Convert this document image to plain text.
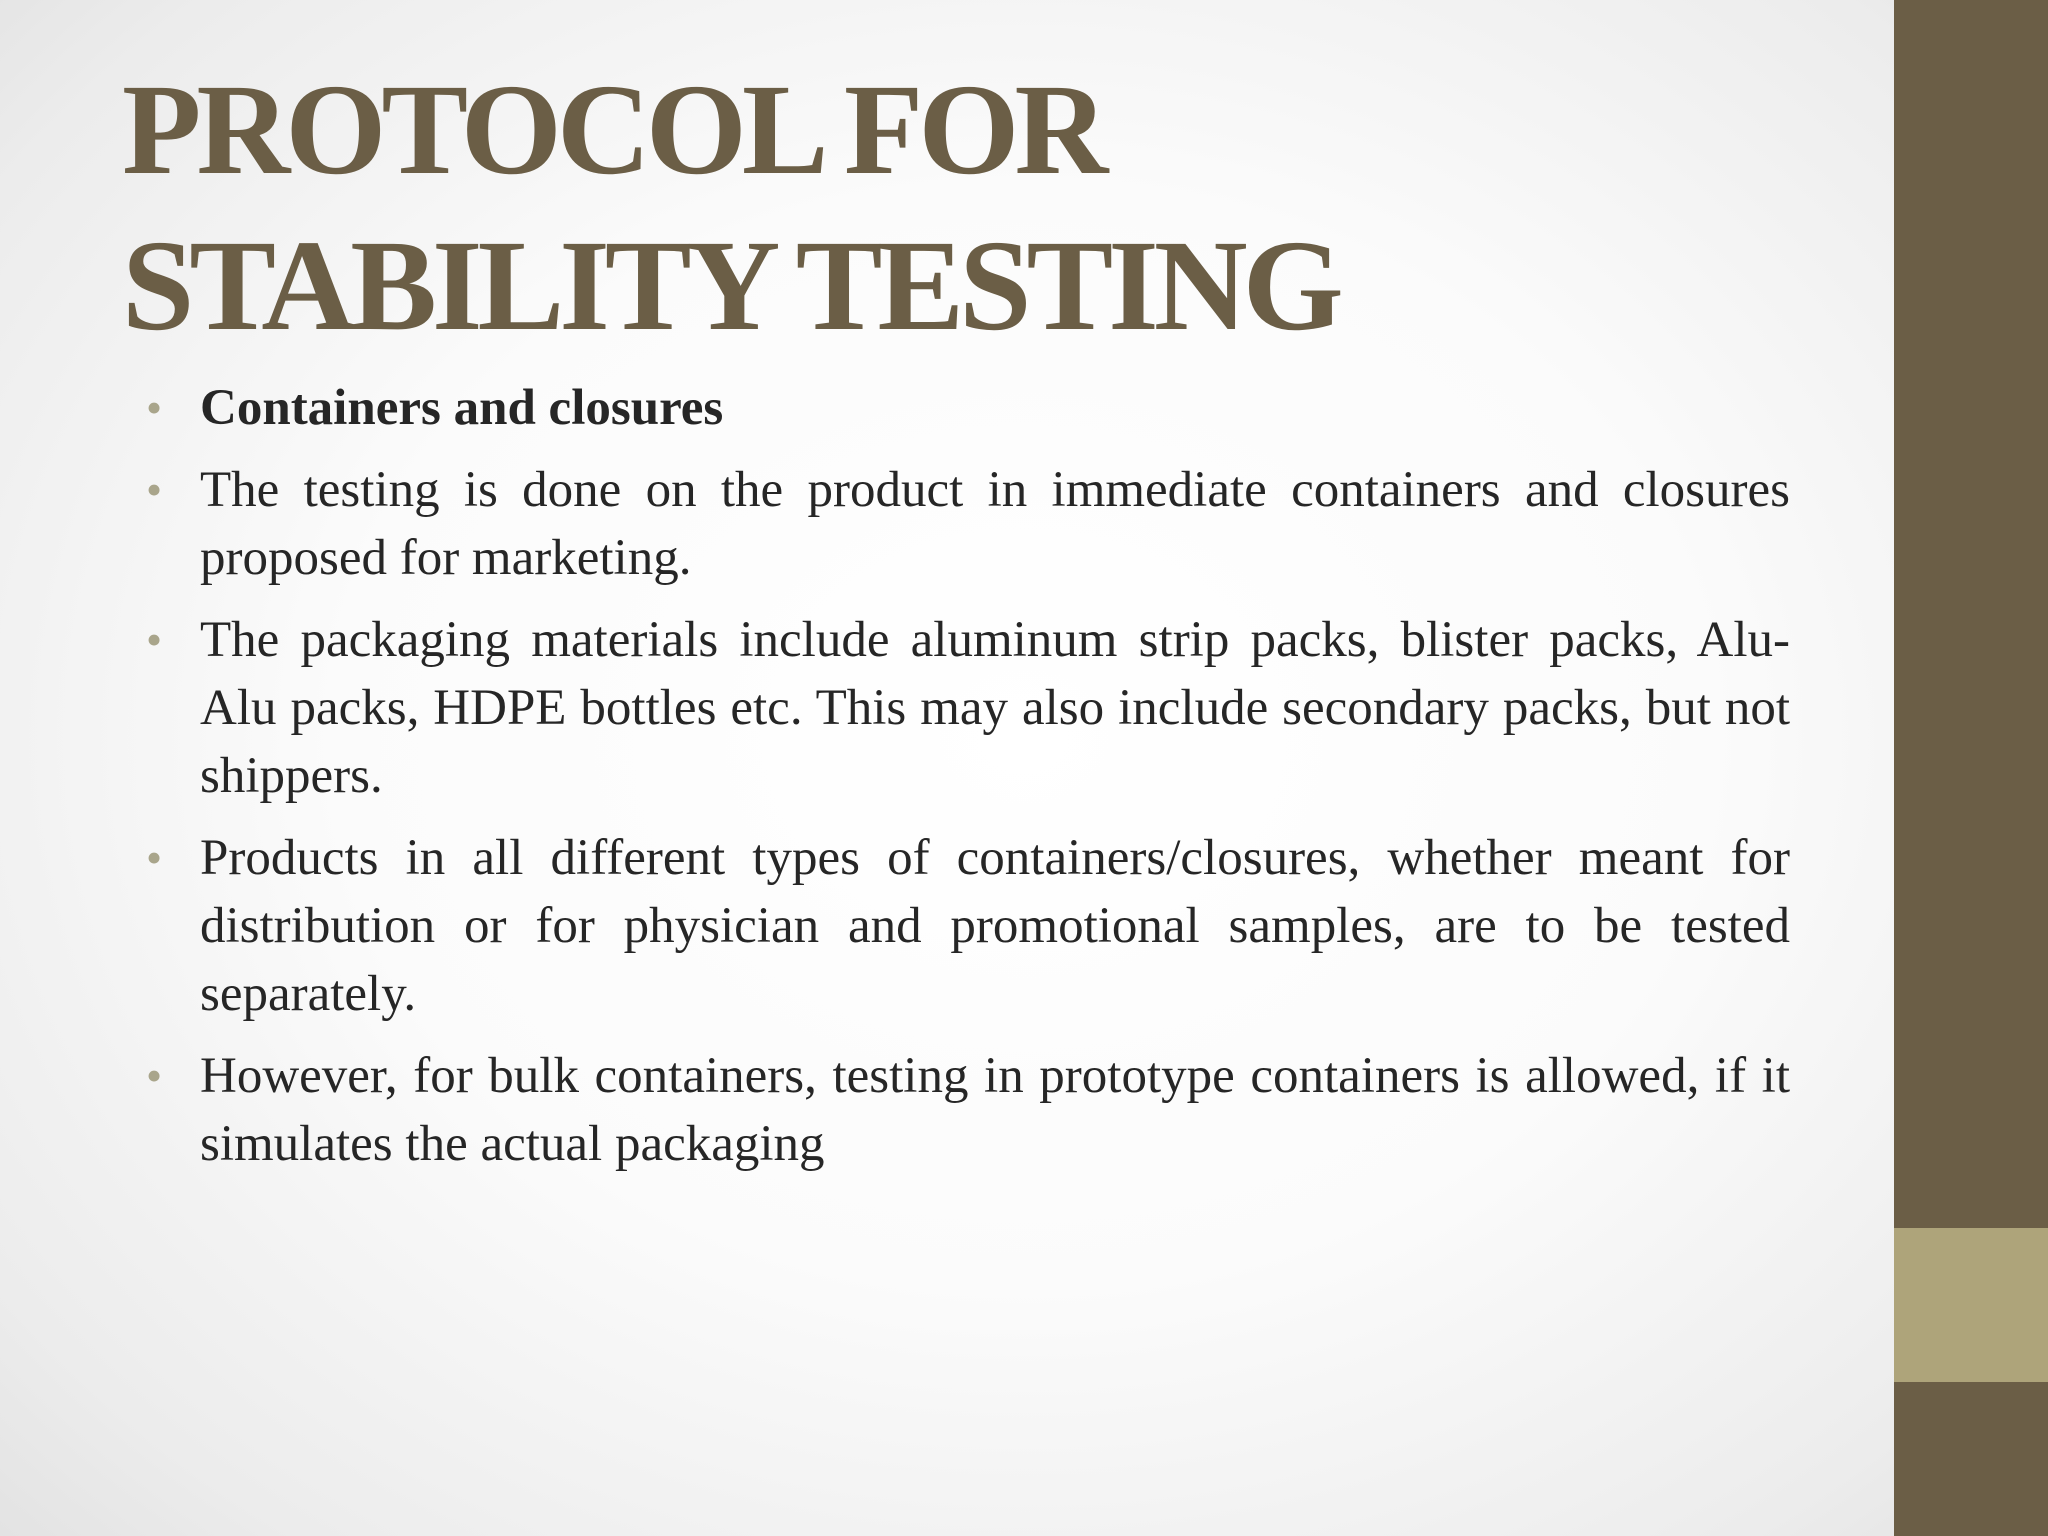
PROTOCOL FOR
STABILITY TESTING
• Containers and closures
• The testing is done on the product in immediate containers and closures proposed for marketing.
• The packaging materials include aluminum strip packs, blister packs, Alu-Alu packs, HDPE bottles etc. This may also include secondary packs, but not shippers.
• Products in all different types of containers/closures, whether meant for distribution or for physician and promotional samples, are to be tested separately.
• However, for bulk containers, testing in prototype containers is allowed, if it simulates the actual packaging
